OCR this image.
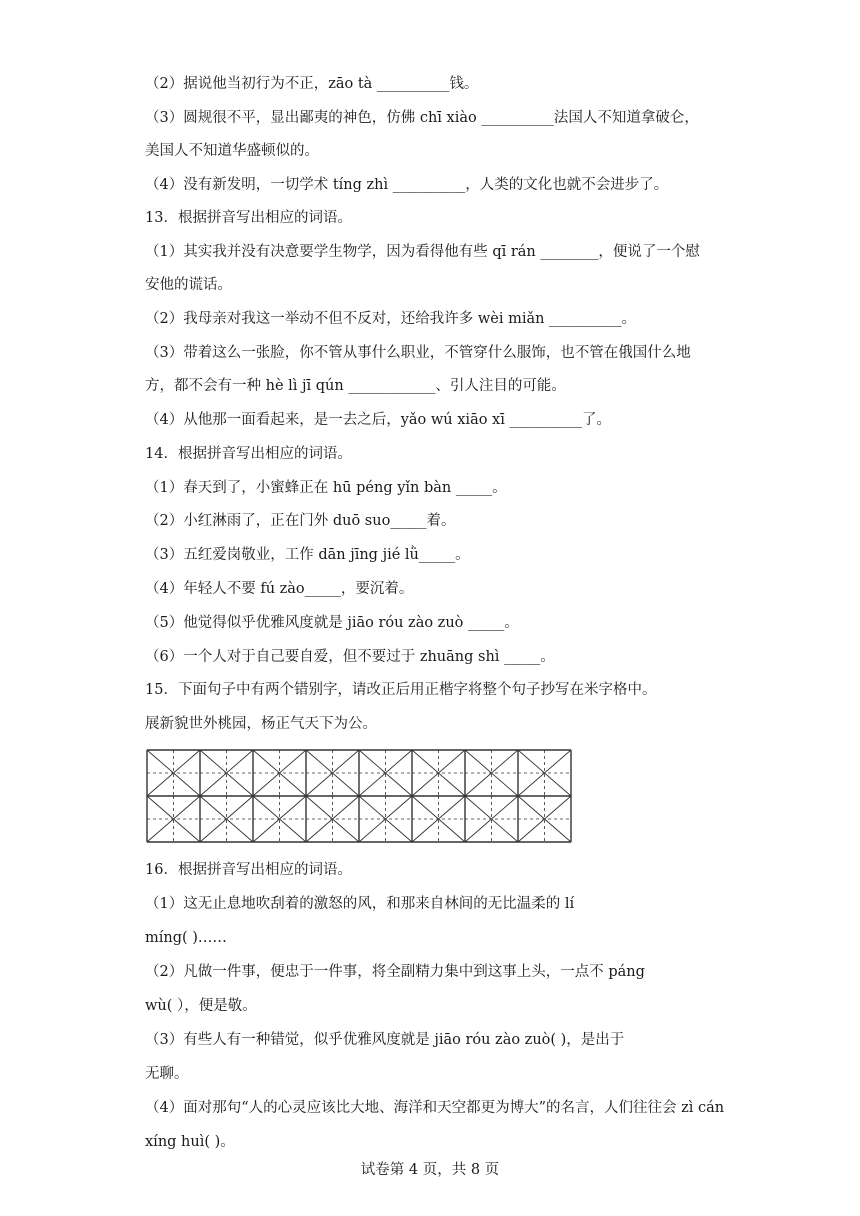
（2）据说他当初行为不正，zāo tà __________钱。
（3）圆规很不平，显出鄙夷的神色，仿佛 chī xiào __________法国人不知道拿破仑，
美国人不知道华盛顿似的。
（4）没有新发明，一切学术 tíng zhì __________，人类的文化也就不会进步了。
13．根据拼音写出相应的词语。
（1）其实我并没有决意要学生物学，因为看得他有些 qī rán ________，便说了一个慰
安他的谎话。
（2）我母亲对我这一举动不但不反对，还给我许多 wèi miǎn __________。
（3）带着这么一张脸，你不管从事什么职业，不管穿什么服饰，也不管在俄国什么地
方，都不会有一种 hè lì jī qún ____________、引人注目的可能。
（4）从他那一面看起来，是一去之后，yǎo wú xiāo xī __________了。
14．根据拼音写出相应的词语。
（1）春天到了，小蜜蜂正在 hū péng yǐn bàn _____。
（2）小红淋雨了，正在门外 duō suo_____着。
（3）五红爱岗敬业，工作 dān jīng jié lǜ_____。
（4）年轻人不要 fú zào_____，要沉着。
（5）他觉得似乎优雅风度就是 jiāo róu zào zuò _____。
（6）一个人对于自己要自爱，但不要过于 zhuāng shì _____。
15．下面句子中有两个错别字，请改正后用正楷字将整个句子抄写在米字格中。
展新貌世外桃园，杨正气天下为公。
16．根据拼音写出相应的词语。
（1）这无止息地吹刮着的激怒的风，和那来自林间的无比温柔的 lí
míng( )……
（2）凡做一件事，便忠于一件事，将全副精力集中到这事上头，一点不 páng
wù( ），便是敬。
（3）有些人有一种错觉，似乎优雅风度就是 jiāo róu zào zuò( )，是出于
无聊。
（4）面对那句“人的心灵应该比大地、海洋和天空都更为博大”的名言，人们往往会 zì cán
xíng huì( )。
试卷第 4 页，共 8 页
